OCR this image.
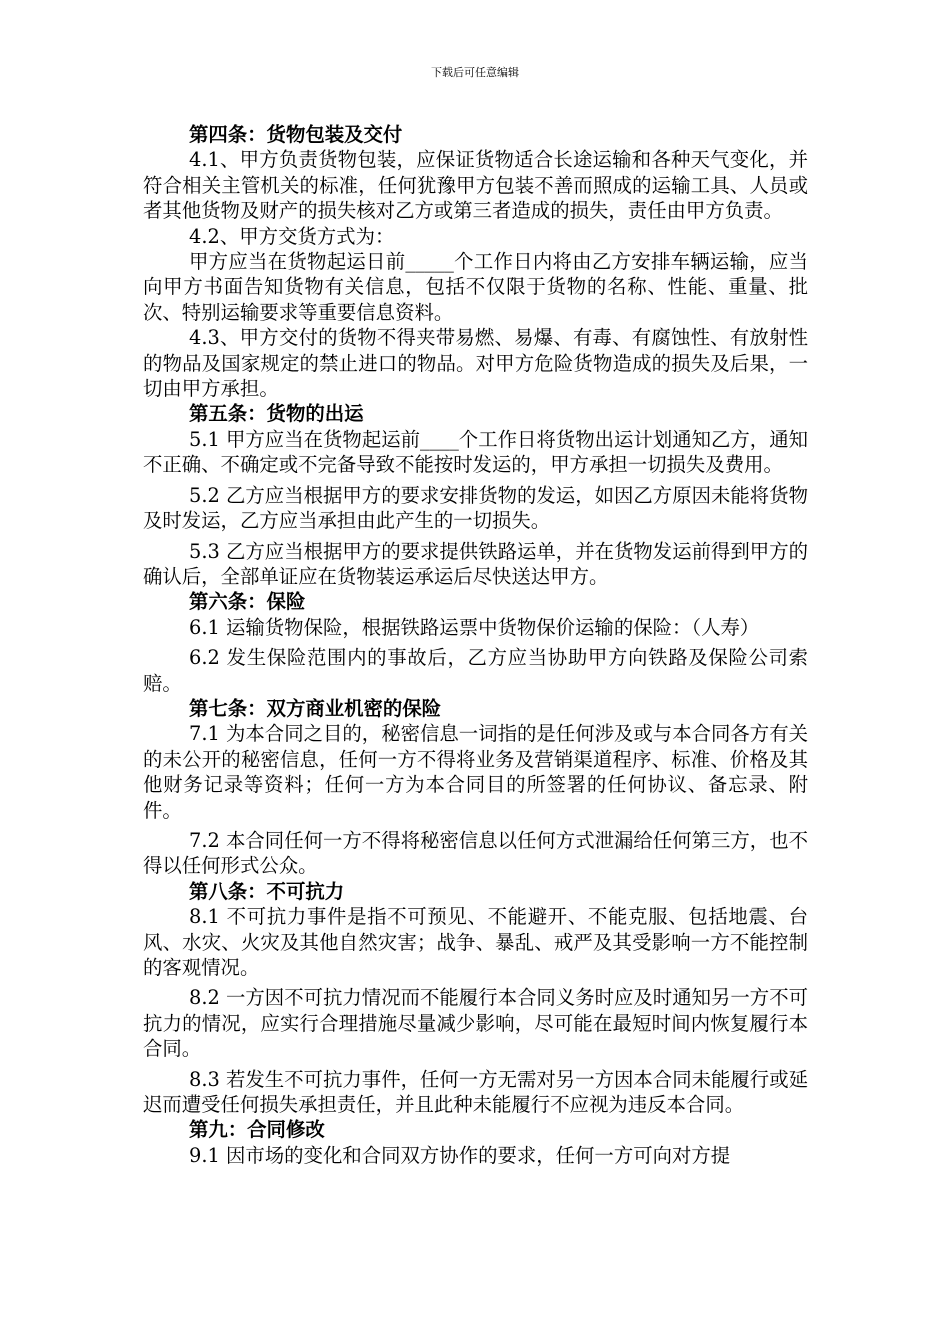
下载后可任意编辑

第四条：货物包装及交付

4.1、甲方负责货物包装，应保证货物适合长途运输和各种天气变化，并符合相关主管机关的标准，任何犹豫甲方包装不善而照成的运输工具、人员或者其他货物及财产的损失核对乙方或第三者造成的损失，责任由甲方负责。

4.2、甲方交货方式为：

甲方应当在货物起运日前_____个工作日内将由乙方安排车辆运输，应当向甲方书面告知货物有关信息，包括不仅限于货物的名称、性能、重量、批次、特别运输要求等重要信息资料。

4.3、甲方交付的货物不得夹带易燃、易爆、有毒、有腐蚀性、有放射性的物品及国家规定的禁止进口的物品。对甲方危险货物造成的损失及后果，一切由甲方承担。

第五条：货物的出运

5.1 甲方应当在货物起运前____个工作日将货物出运计划通知乙方，通知不正确、不确定或不完备导致不能按时发运的，甲方承担一切损失及费用。

5.2 乙方应当根据甲方的要求安排货物的发运，如因乙方原因未能将货物及时发运，乙方应当承担由此产生的一切损失。

5.3 乙方应当根据甲方的要求提供铁路运单，并在货物发运前得到甲方的确认后，全部单证应在货物装运承运后尽快送达甲方。

第六条：保险

6.1 运输货物保险，根据铁路运票中货物保价运输的保险：（人寿）

6.2 发生保险范围内的事故后，乙方应当协助甲方向铁路及保险公司索赔。

第七条：双方商业机密的保险

7.1 为本合同之目的，秘密信息一词指的是任何涉及或与本合同各方有关的未公开的秘密信息，任何一方不得将业务及营销渠道程序、标准、价格及其他财务记录等资料；任何一方为本合同目的所签署的任何协议、备忘录、附件。

7.2 本合同任何一方不得将秘密信息以任何方式泄漏给任何第三方，也不得以任何形式公众。

第八条：不可抗力

8.1 不可抗力事件是指不可预见、不能避开、不能克服、包括地震、台风、水灾、火灾及其他自然灾害；战争、暴乱、戒严及其受影响一方不能控制的客观情况。

8.2 一方因不可抗力情况而不能履行本合同义务时应及时通知另一方不可抗力的情况，应实行合理措施尽量减少影响，尽可能在最短时间内恢复履行本合同。

8.3 若发生不可抗力事件，任何一方无需对另一方因本合同未能履行或延迟而遭受任何损失承担责任，并且此种未能履行不应视为违反本合同。

第九：合同修改

9.1 因市场的变化和合同双方协作的要求，任何一方可向对方提
